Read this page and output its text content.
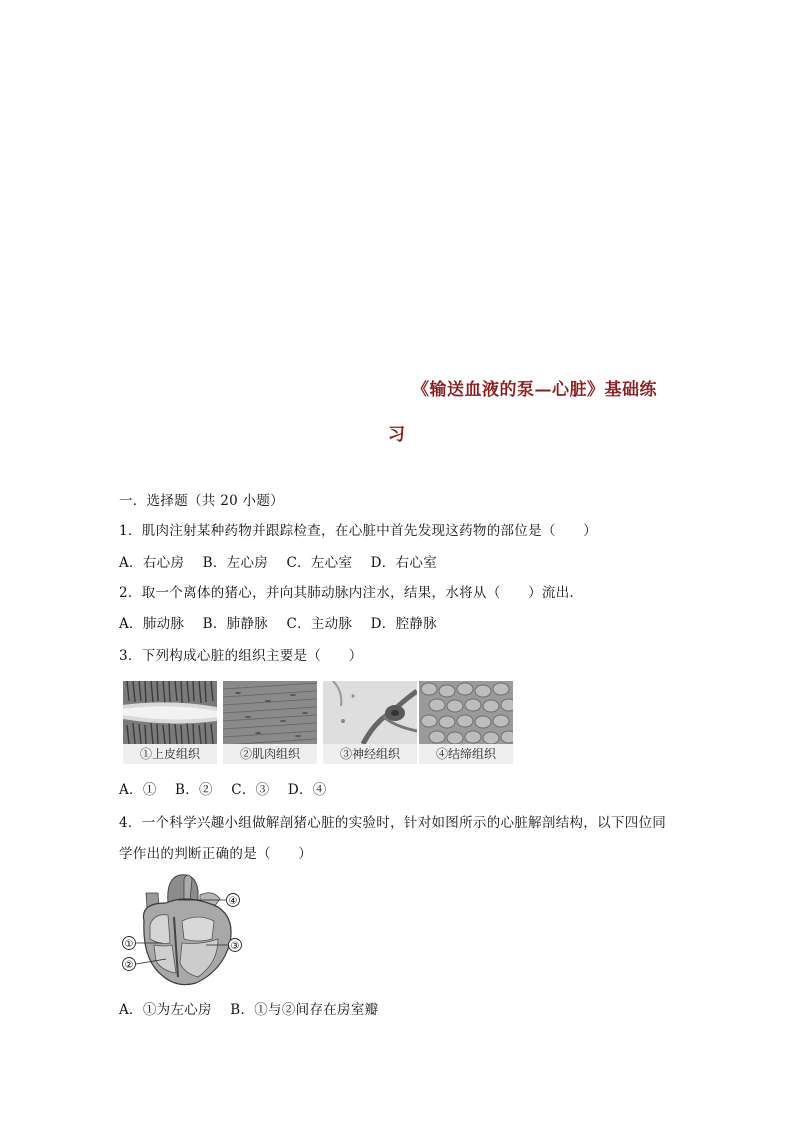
《输送血液的泵—心脏》基础练
习
一．选择题（共 20 小题）
1．肌肉注射某种药物并跟踪检查，在心脏中首先发现这药物的部位是（　　）
A．右心房　 B．左心房　 C．左心室　 D．右心室
2．取一个离体的猪心，并向其肺动脉内注水，结果，水将从（　　）流出．
A．肺动脉　 B．肺静脉　 C．主动脉　 D．腔静脉
3．下列构成心脏的组织主要是（　　）
①上皮组织	②肌肉组织	③神经组织	④结缔组织
A．①　 B．②　 C．③　 D．④
4．一个科学兴趣小组做解剖猪心脏的实验时，针对如图所示的心脏解剖结构，以下四位同
学作出的判断正确的是（　　）
①
②
③
④
A．①为左心房　 B．①与②间存在房室瓣
